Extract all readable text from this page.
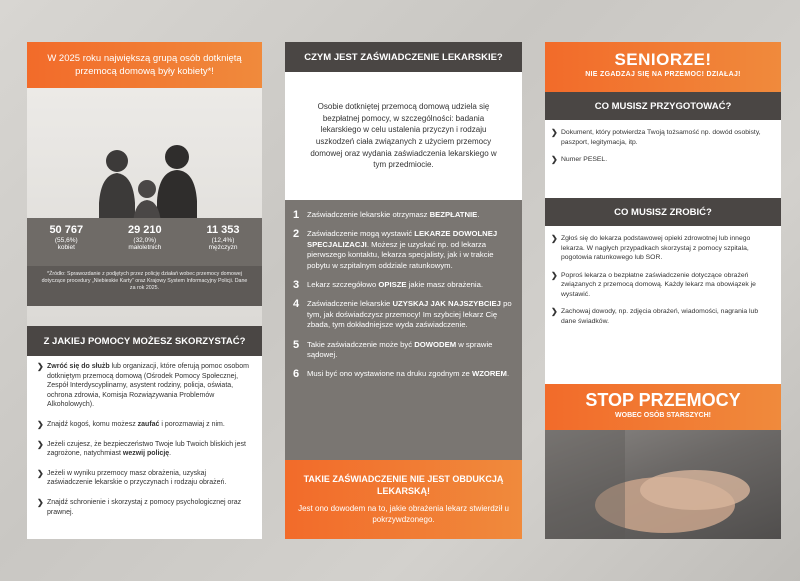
W 2025 roku największą grupą osób dotkniętą przemocą domową były kobiety*!
50 767
(55,6%)
kobiet
29 210
(32,0%)
małoletnich
11 353
(12,4%)
mężczyzn
*Źródło: Sprawozdanie z podjętych przez policję działań wobec przemocy domowej dotyczące procedury „Niebieskie Karty” oraz Krajowy System Informacyjny Policji. Dane za rok 2025.
Z JAKIEJ POMOCY MOŻESZ SKORZYSTAĆ?
❯ Zwróć się do służb lub organizacji, które oferują pomoc osobom dotkniętym przemocą domową (Ośrodek Pomocy Społecznej, Zespół Interdyscyplinarny, asystent rodziny, policja, oświata, ochrona zdrowia, Komisja Rozwiązywania Problemów Alkoholowych).
❯ Znajdź kogoś, komu możesz zaufać i porozmawiaj z nim.
❯ Jeżeli czujesz, że bezpieczeństwo Twoje lub Twoich bliskich jest zagrożone, natychmiast wezwij policję.
❯ Jeżeli w wyniku przemocy masz obrażenia, uzyskaj zaświadczenie lekarskie o przyczynach i rodzaju obrażeń.
❯ Znajdź schronienie i skorzystaj z pomocy psychologicznej oraz prawnej.
CZYM JEST ZAŚWIADCZENIE LEKARSKIE?
Osobie dotkniętej przemocą domową udziela się bezpłatnej pomocy, w szczególności: badania lekarskiego w celu ustalenia przyczyn i rodzaju uszkodzeń ciała związanych z użyciem przemocy domowej oraz wydania zaświadczenia lekarskiego w tym przedmiocie.
1	Zaświadczenie lekarskie otrzymasz BEZPŁATNIE.
2	Zaświadczenie mogą wystawić LEKARZE DOWOLNEJ SPECJALIZACJI. Możesz je uzyskać np. od lekarza pierwszego kontaktu, lekarza specjalisty, jak i w trakcie pobytu w szpitalnym oddziale ratunkowym.
3	Lekarz szczegółowo OPISZE jakie masz obrażenia.
4	Zaświadczenie lekarskie UZYSKAJ JAK NAJSZYBCIEJ po tym, jak doświadczysz przemocy! Im szybciej lekarz Cię zbada, tym dokładniejsze wyda zaświadczenie.
5	Takie zaświadczenie może być DOWODEM w sprawie sądowej.
6	Musi być ono wystawione na druku zgodnym ze WZOREM.
TAKIE ZAŚWIADCZENIE NIE JEST OBDUKCJĄ LEKARSKĄ!
Jest ono dowodem na to, jakie obrażenia lekarz stwierdził u pokrzywdzonego.
SENIORZE!
NIE ZGADZAJ SIĘ NA PRZEMOC! DZIAŁAJ!
CO MUSISZ PRZYGOTOWAĆ?
❯ Dokument, który potwierdza Twoją tożsamość np. dowód osobisty, paszport, legitymacja, itp.
❯ Numer PESEL.
CO MUSISZ ZROBIĆ?
❯ Zgłoś się do lekarza podstawowej opieki zdrowotnej lub innego lekarza. W nagłych przypadkach skorzystaj z pomocy szpitala, pogotowia ratunkowego lub SOR.
❯ Poproś lekarza o bezpłatne zaświadczenie dotyczące obrażeń związanych z przemocą domową. Każdy lekarz ma obowiązek je wystawić.
❯ Zachowaj dowody, np. zdjęcia obrażeń, wiadomości, nagrania lub dane świadków.
STOP PRZEMOCY
WOBEC OSÓB STARSZYCH!
